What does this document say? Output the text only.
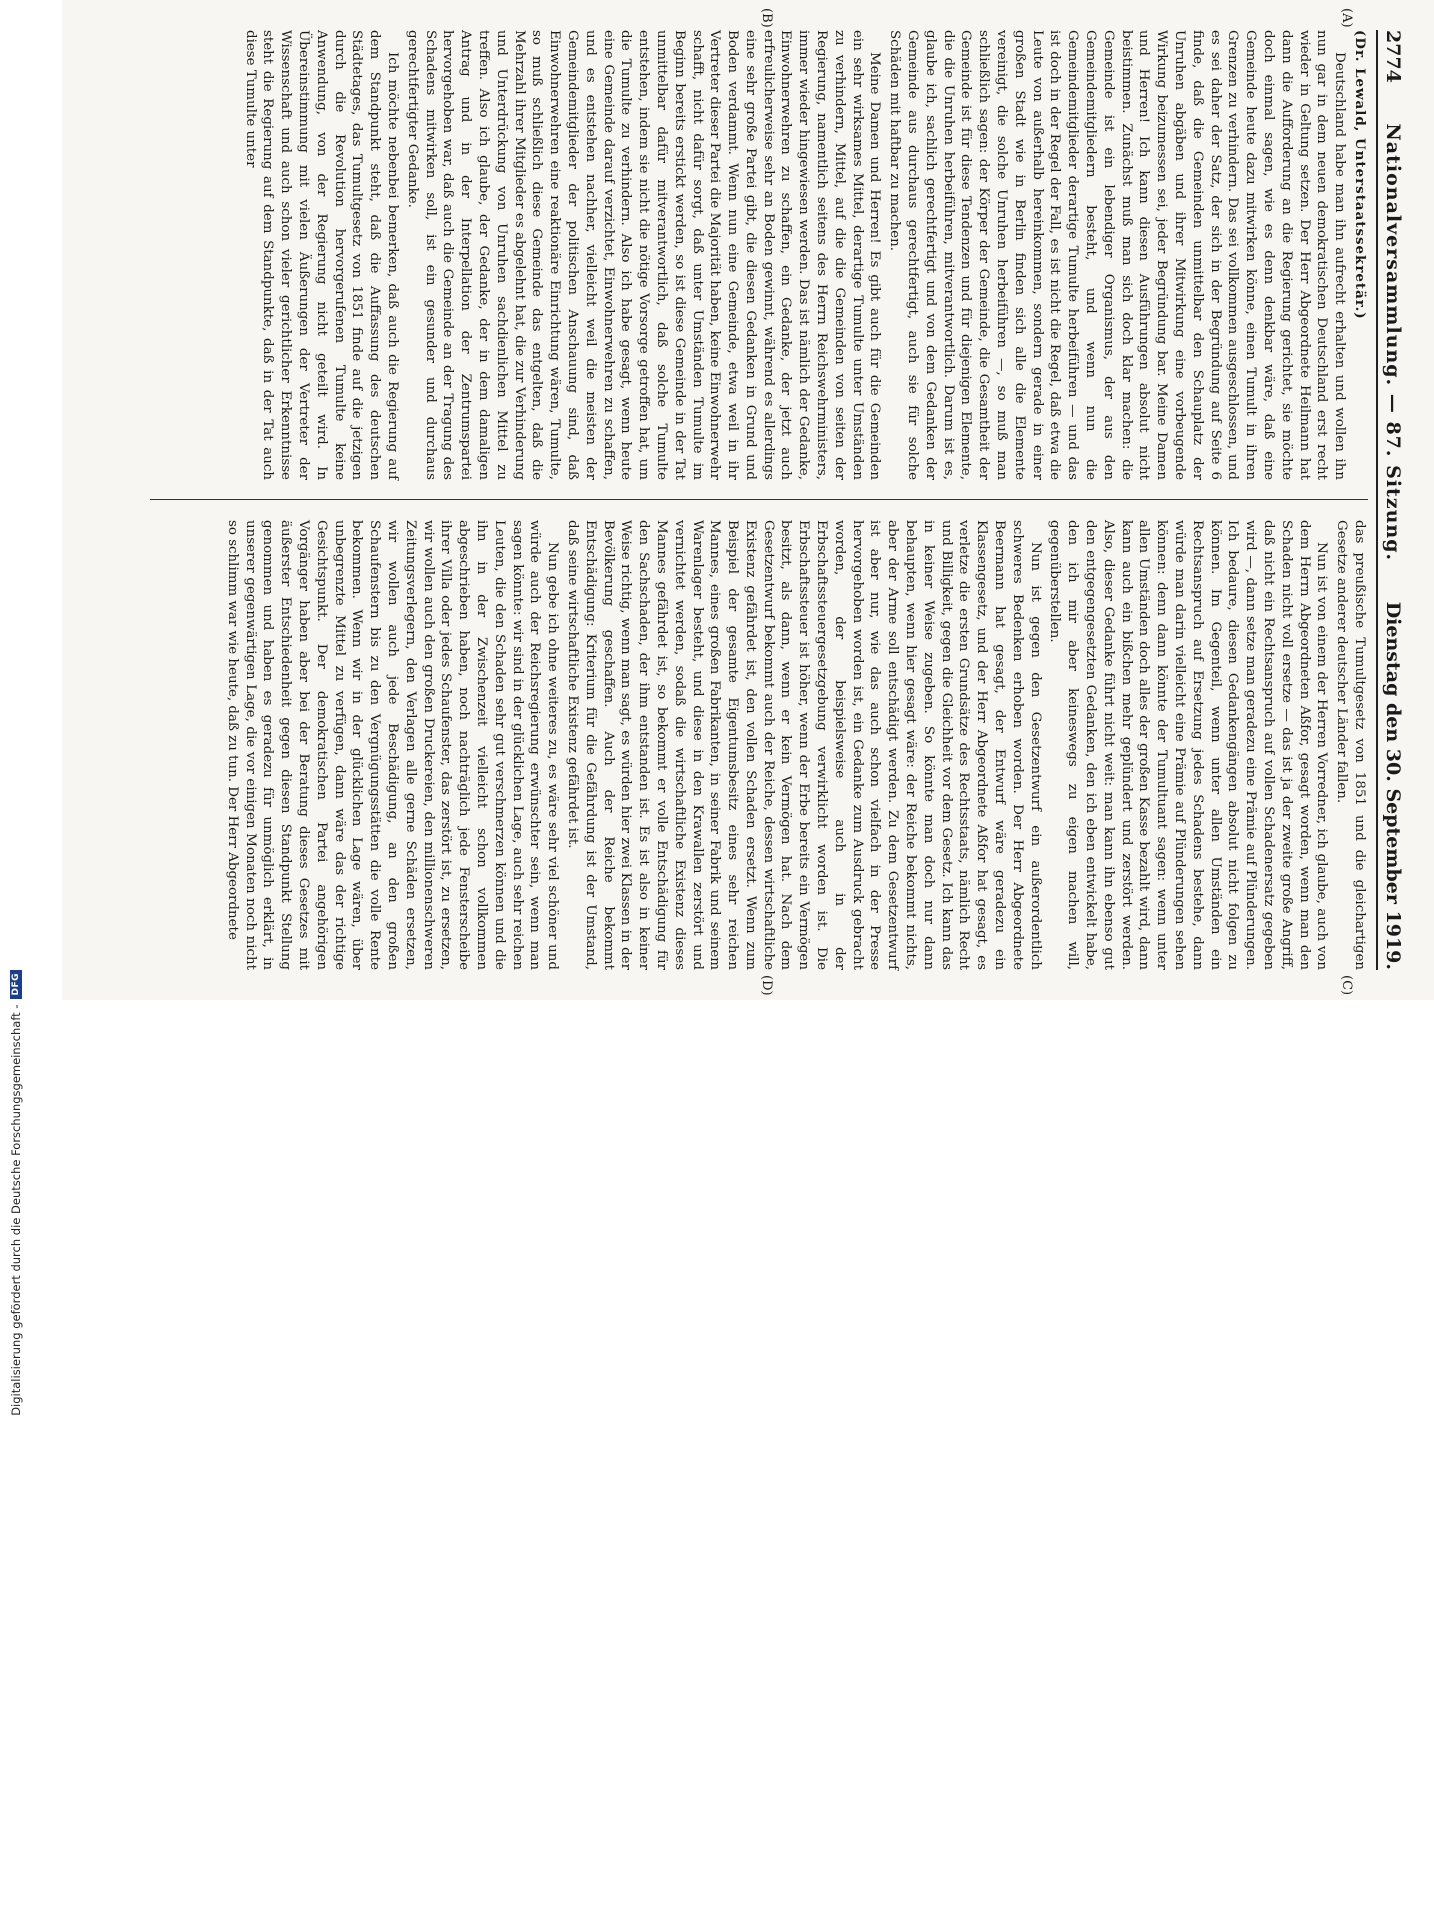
2774
Nationalversammlung. — 87. Sitzung.
Dienstag den 30. September 1919.
(A)
(B)
(C)
(D)

(Dr. Lewald, Unterstaatssekretär.)

Deutschland habe man ihn aufrecht erhalten und wollen ihn nun gar in dem neuen demokratischen Deutschland erst recht wieder in Geltung setzen. Der Herr Abgeordnete Heilmann hat dann die Aufforderung an die Regierung gerichtet, sie möchte doch einmal sagen, wie es denn denkbar wäre, daß eine Gemeinde heute dazu mitwirken könne, einen Tumult in ihren Grenzen zu verhindern. Das sei vollkommen ausgeschlossen, und es sei daher der Satz, der sich in der Begründung auf Seite 6 finde, daß die Gemeinden unmittelbar den Schauplatz der Unruhen abgäben und ihrer Mitwirkung eine vorbeugende Wirkung beizumessen sei, jeder Begründung bar. Meine Damen und Herren! Ich kann diesen Ausführungen absolut nicht beistimmen. Zunächst muß man sich doch klar machen: die Gemeinde ist ein lebendiger Organismus, der aus den Gemeindemitgliedern besteht, und wenn nun die Gemeindemitglieder derartige Tumulte herbeiführen — und das ist doch in der Regel der Fall, es ist nicht die Regel, daß etwa die Leute von außerhalb hereinkommen, sondern gerade in einer großen Stadt wie in Berlin finden sich alle die Elemente vereinigt, die solche Unruhen herbeiführen —, so muß man schließlich sagen: der Körper der Gemeinde, die Gesamtheit der Gemeinde ist für diese Tendenzen und für diejenigen Elemente, die die Unruhen herbeiführen, mitverantwortlich. Darum ist es, glaube ich, sachlich gerechtfertigt und von dem Gedanken der Gemeinde aus durchaus gerechtfertigt, auch sie für solche Schäden mit haftbar zu machen.

Meine Damen und Herren! Es gibt auch für die Gemeinden ein sehr wirksames Mittel, derartige Tumulte unter Umständen zu verhindern, Mittel, auf die die Gemeinden von seiten der Regierung, namentlich seitens des Herrn Reichswehrministers, immer wieder hingewiesen werden. Das ist nämlich der Gedanke, Einwohnerwehren zu schaffen, ein Gedanke, der jetzt auch erfreulicherweise sehr an Boden gewinnt, während es allerdings eine sehr große Partei gibt, die diesen Gedanken in Grund und Boden verdammt. Wenn nun eine Gemeinde, etwa weil in ihr Vertreter dieser Partei die Majorität haben, keine Einwohnerwehr schafft, nicht dafür sorgt, daß unter Umständen Tumulte im Beginn bereits erstickt werden, so ist diese Gemeinde in der Tat unmittelbar dafür mitverantwortlich, daß solche Tumulte entstehen, indem sie nicht die nötige Vorsorge getroffen hat, um die Tumulte zu verhindern. Also ich habe gesagt, wenn heute eine Gemeinde darauf verzichtet, Einwohnerwehren zu schaffen, und es entstehen nachher, vielleicht weil die meisten der Gemeindemitglieder der politischen Anschauung sind, daß Einwohnerwehren eine reaktionäre Einrichtung wären, Tumulte, so muß schließlich diese Gemeinde das entgelten, daß die Mehrzahl ihrer Mitglieder es abgelehnt hat, die zur Verhinderung und Unterdrückung von Unruhen sachdienlichen Mittel zu treffen. Also ich glaube, der Gedanke, der in dem damaligen Antrag und in der Interpellation der Zentrumspartei hervorgehoben war, daß auch die Gemeinde an der Tragung des Schadens mitwirken soll, ist ein gesunder und durchaus gerechtfertigter Gedanke.

Ich möchte nebenbei bemerken, daß auch die Regierung auf dem Standpunkt steht, daß die Auffassung des deutschen Städtetages, das Tumultgesetz von 1851 finde auf die jetzigen durch die Revolution hervorgerufenen Tumulte keine Anwendung, von der Regierung nicht geteilt wird. In Übereinstimmung mit vielen Äußerungen der Vertreter der Wissenschaft und auch schon vieler gerichtlicher Erkenntnisse steht die Regierung auf dem Standpunkte, daß in der Tat auch diese Tumulte unter

das preußische Tumultgesetz von 1851 und die gleichartigen Gesetze anderer deutscher Länder fallen.

Nun ist von einem der Herren Vorredner, ich glaube, auch von dem Herrn Abgeordneten Aßfor, gesagt worden, wenn man den Schaden nicht voll ersetze — das ist ja der zweite große Angriff, daß nicht ein Rechtsanspruch auf vollen Schadenersatz gegeben wird —, dann setze man geradezu eine Prämie auf Plünderungen. Ich bedaure, diesen Gedankengängen absolut nicht folgen zu können. Im Gegenteil, wenn unter allen Umständen ein Rechtsanspruch auf Ersetzung jedes Schadens bestehe, dann würde man darin vielleicht eine Prämie auf Plünderungen sehen können: denn dann könnte der Tumultuant sagen: wenn unter allen Umständen doch alles der großen Kasse bezahlt wird, dann kann auch ein bißchen mehr geplündert und zerstört werden. Also, dieser Gedanke führt nicht weit: man kann ihn ebenso gut den entgegengesetzten Gedanken, den ich eben entwickelt habe, den ich mir aber keineswegs zu eigen machen will, gegenüberstellen.

Nun ist gegen den Gesetzentwurf ein außerordentlich schweres Bedenken erhoben worden. Der Herr Abgeordnete Beermann hat gesagt, der Entwurf wäre geradezu ein Klassengesetz, und der Herr Abgeordnete Aßfor hat gesagt, es verletze die ersten Grundsätze des Rechtsstaats, nämlich Recht und Billigkeit, gegen die Gleichheit vor dem Gesetz. Ich kann das in keiner Weise zugeben. So könnte man doch nur dann behaupten, wenn hier gesagt wäre: der Reiche bekommt nichts, aber der Arme soll entschädigt werden. Zu dem Gesetzentwurf ist aber nur, wie das auch schon vielfach in der Presse hervorgehoben worden ist, ein Gedanke zum Ausdruck gebracht worden, der beispielsweise auch in der Erbschaftssteuergesetzgebung verwirklicht worden ist. Die Erbschaftssteuer ist höher, wenn der Erbe bereits ein Vermögen besitzt, als dann, wenn er kein Vermögen hat. Nach dem Gesetzentwurf bekommt auch der Reiche, dessen wirtschaftliche Existenz gefährdet ist, den vollen Schaden ersetzt. Wenn zum Beispiel der gesamte Eigentumsbesitz eines sehr reichen Mannes, eines großen Fabrikanten, in seiner Fabrik und seinem Warenlager besteht, und diese in den Krawallen zerstört und vernichtet werden, sodaß die wirtschaftliche Existenz dieses Mannes gefährdet ist, so bekommt er volle Entschädigung für den Sachschaden, der ihm entstanden ist. Es ist also in keiner Weise richtig, wenn man sagt, es würden hier zwei Klassen in der Bevölkerung geschaffen. Auch der Reiche bekommt Entschädigung: Kriterium für die Gefährdung ist der Umstand, daß seine wirtschaftliche Existenz gefährdet ist.

Nun gebe ich ohne weiteres zu, es wäre sehr viel schöner und würde auch der Reichsregierung erwünschter sein, wenn man sagen könnte: wir sind in der glücklichen Lage, auch sehr reichen Leuten, die den Schaden sehr gut verschmerzen können und die ihn in der Zwischenzeit vielleicht schon vollkommen abgeschrieben haben, noch nachträglich jede Fensterscheibe ihrer Villa oder jedes Schaufenster, das zerstört ist, zu ersetzen, wir wollen auch den großen Druckereien, den millionenschweren Zeitungsverlegern, den Verlagen alle gerne Schäden ersetzen, wir wollen auch jede Beschädigung, an den großen Schaufenstern bis zu den Vergnügungsstätten die volle Rente bekommen. Wenn wir in der glücklichen Lage wären, über unbegrenzte Mittel zu verfügen, dann wäre das der richtige Gesichtspunkt. Der demokratischen Partei angehörigen Vorgänger haben aber bei der Beratung dieses Gesetzes mit äußerster Entschiedenheit gegen diesen Standpunkt Stellung genommen und haben es geradezu für unmöglich erklärt, in unserer gegenwärtigen Lage, die vor einigen Monaten noch nicht so schlimm war wie heute, daß zu tun. Der Herr Abgeordnete

Digitalisierung gefördert durch die Deutsche Forschungsgemeinschaft -
DFG
